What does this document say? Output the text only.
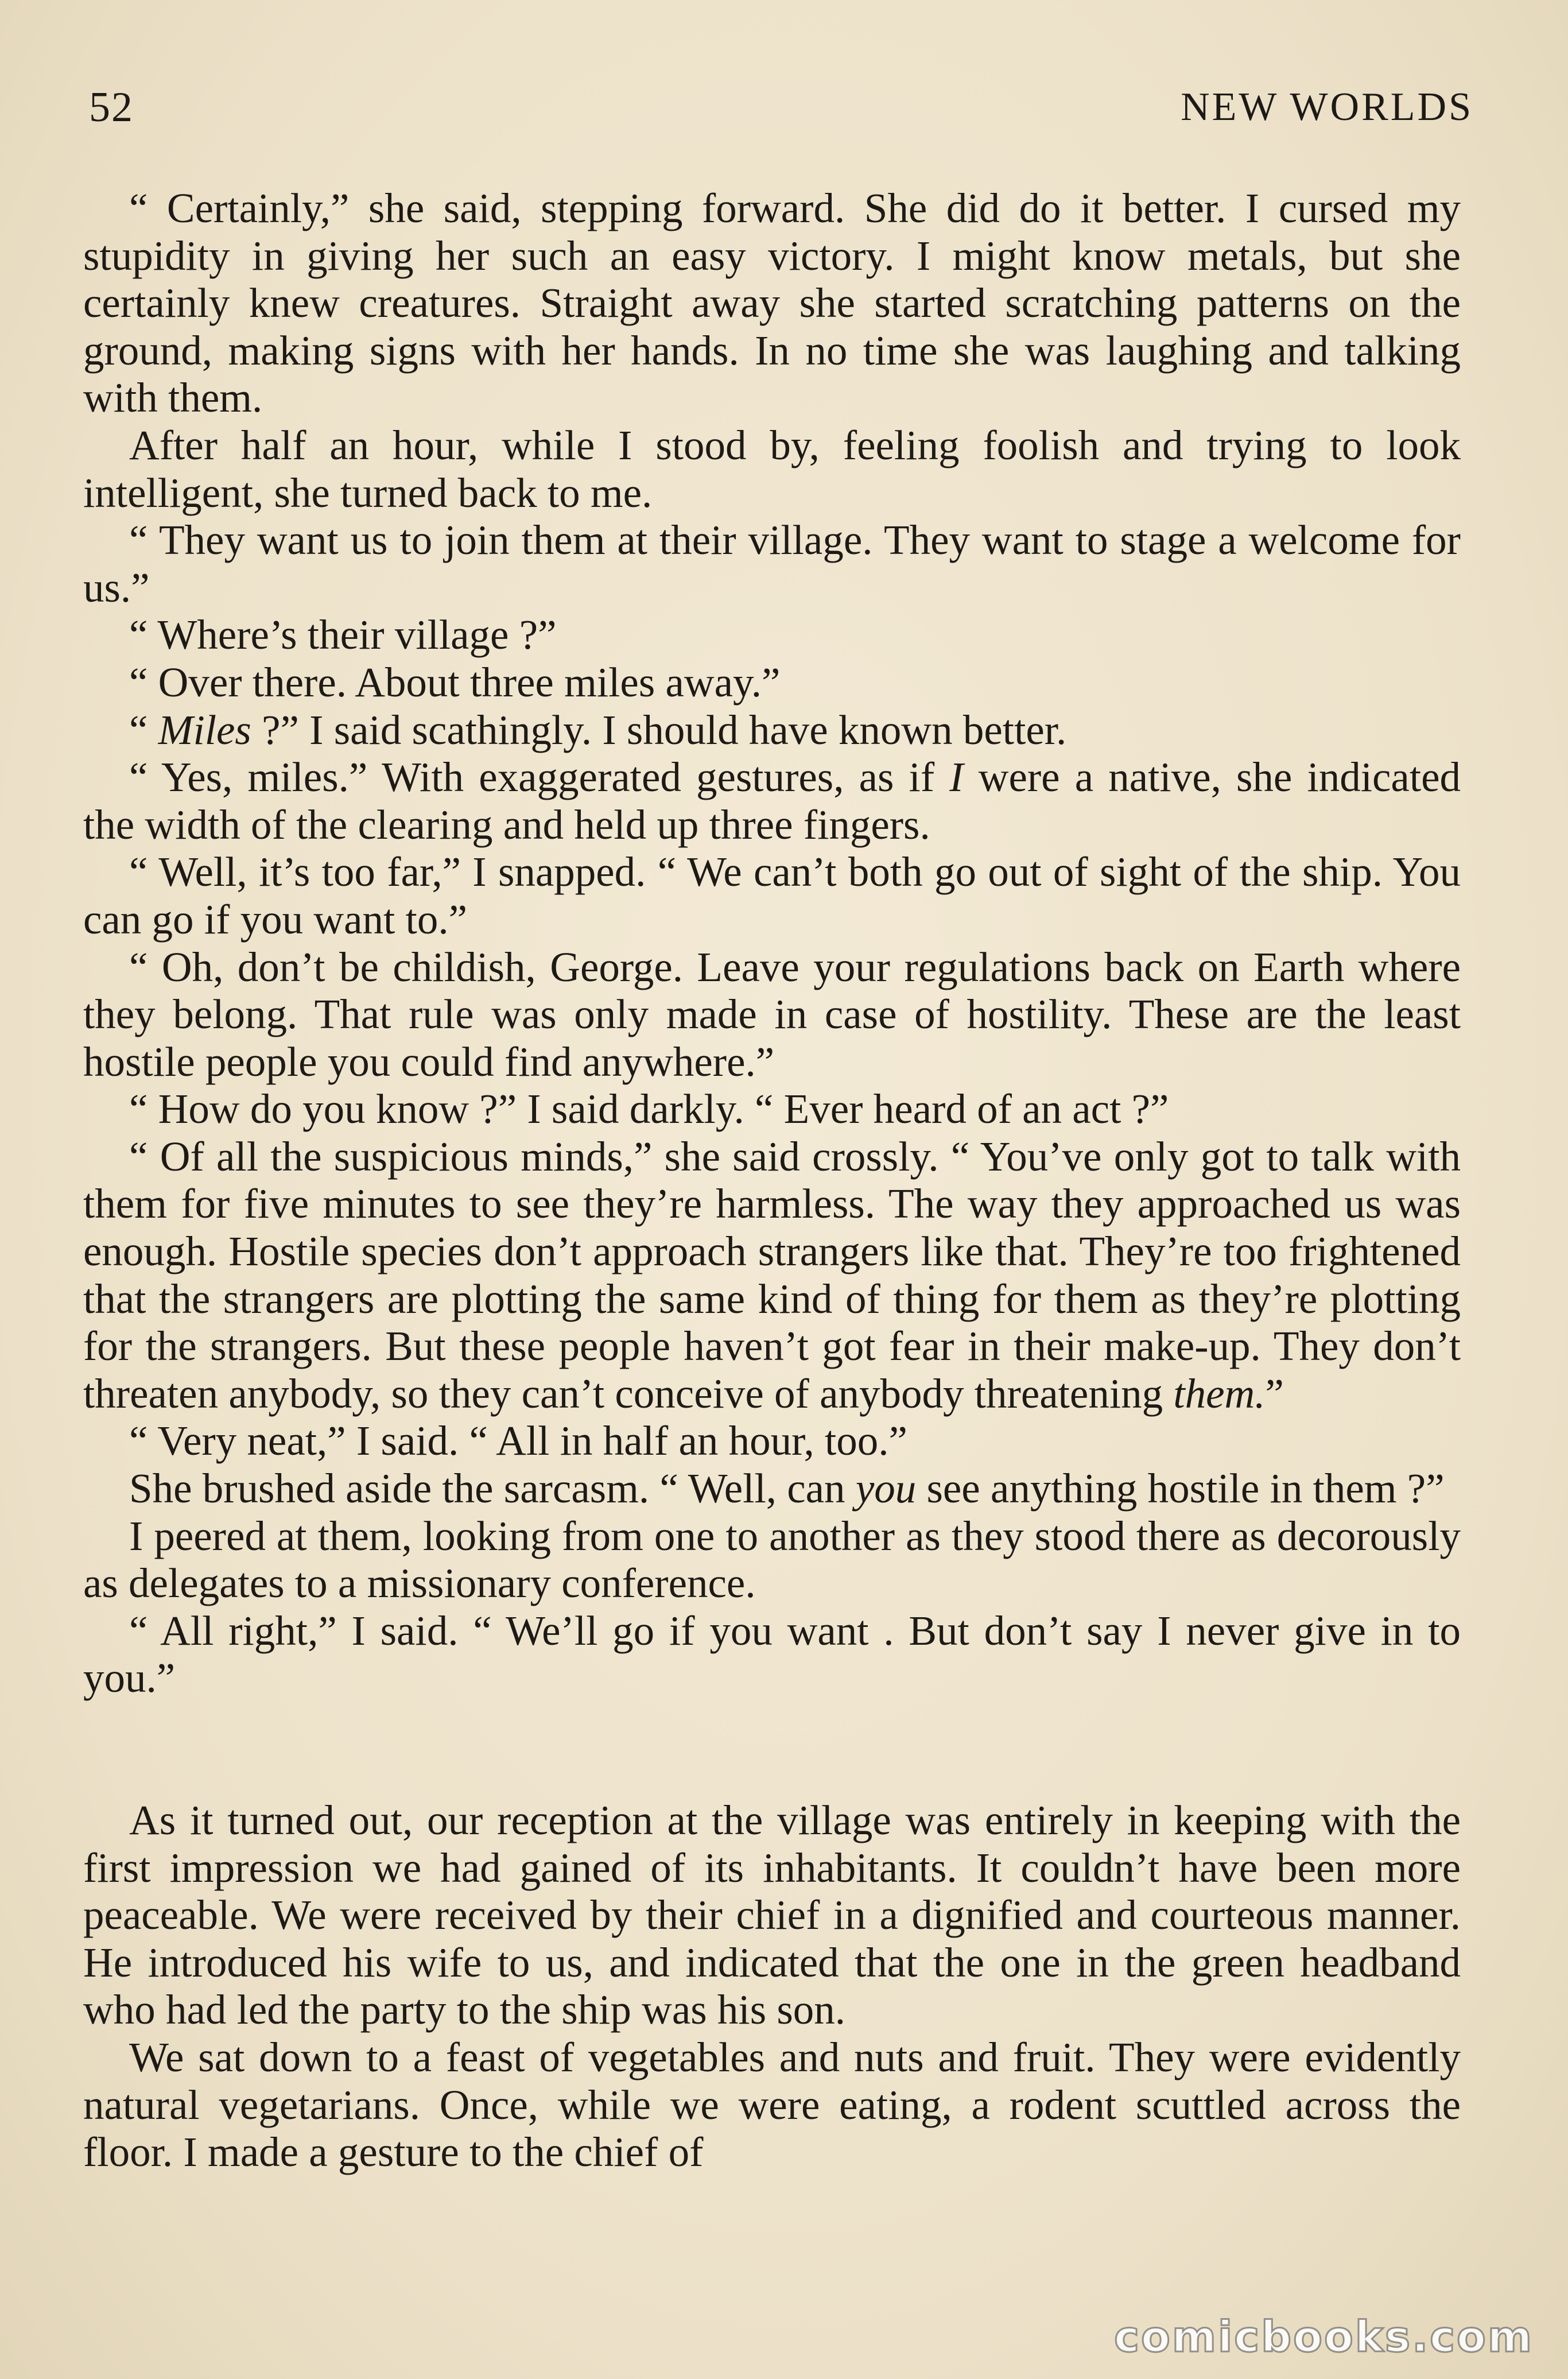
52	NEW WORLDS

“ Certainly,” she said, stepping forward. She did do it better. I cursed my stupidity in giving her such an easy victory. I might know metals, but she certainly knew creatures. Straight away she started scratching patterns on the ground, making signs with her hands. In no time she was laughing and talking with them.

After half an hour, while I stood by, feeling foolish and trying to look intelligent, she turned back to me.

“ They want us to join them at their village. They want to stage a welcome for us.”

“ Where’s their village ?”

“ Over there. About three miles away.”

“ Miles ?” I said scathingly. I should have known better.

“ Yes, miles.” With exaggerated gestures, as if I were a native, she indicated the width of the clearing and held up three fingers.

“ Well, it’s too far,” I snapped. “ We can’t both go out of sight of the ship. You can go if you want to.”

“ Oh, don’t be childish, George. Leave your regulations back on Earth where they belong. That rule was only made in case of hostility. These are the least hostile people you could find anywhere.”

“ How do you know ?” I said darkly. “ Ever heard of an act ?”

“ Of all the suspicious minds,” she said crossly. “ You’ve only got to talk with them for five minutes to see they’re harmless. The way they approached us was enough. Hostile species don’t approach strangers like that. They’re too frightened that the strangers are plotting the same kind of thing for them as they’re plotting for the strangers. But these people haven’t got fear in their make-up. They don’t threaten anybody, so they can’t conceive of anybody threatening them.”

“ Very neat,” I said. “ All in half an hour, too.”

She brushed aside the sarcasm. “ Well, can you see anything hostile in them ?”

I peered at them, looking from one to another as they stood there as decorously as delegates to a missionary conference.

“ All right,” I said. “ We’ll go if you want . But don’t say I never give in to you.”

As it turned out, our reception at the village was entirely in keeping with the first impression we had gained of its inhabitants. It couldn’t have been more peaceable. We were received by their chief in a dignified and courteous manner. He introduced his wife to us, and indicated that the one in the green headband who had led the party to the ship was his son.

We sat down to a feast of vegetables and nuts and fruit. They were evidently natural vegetarians. Once, while we were eating, a rodent scuttled across the floor. I made a gesture to the chief of

comicbooks.com
